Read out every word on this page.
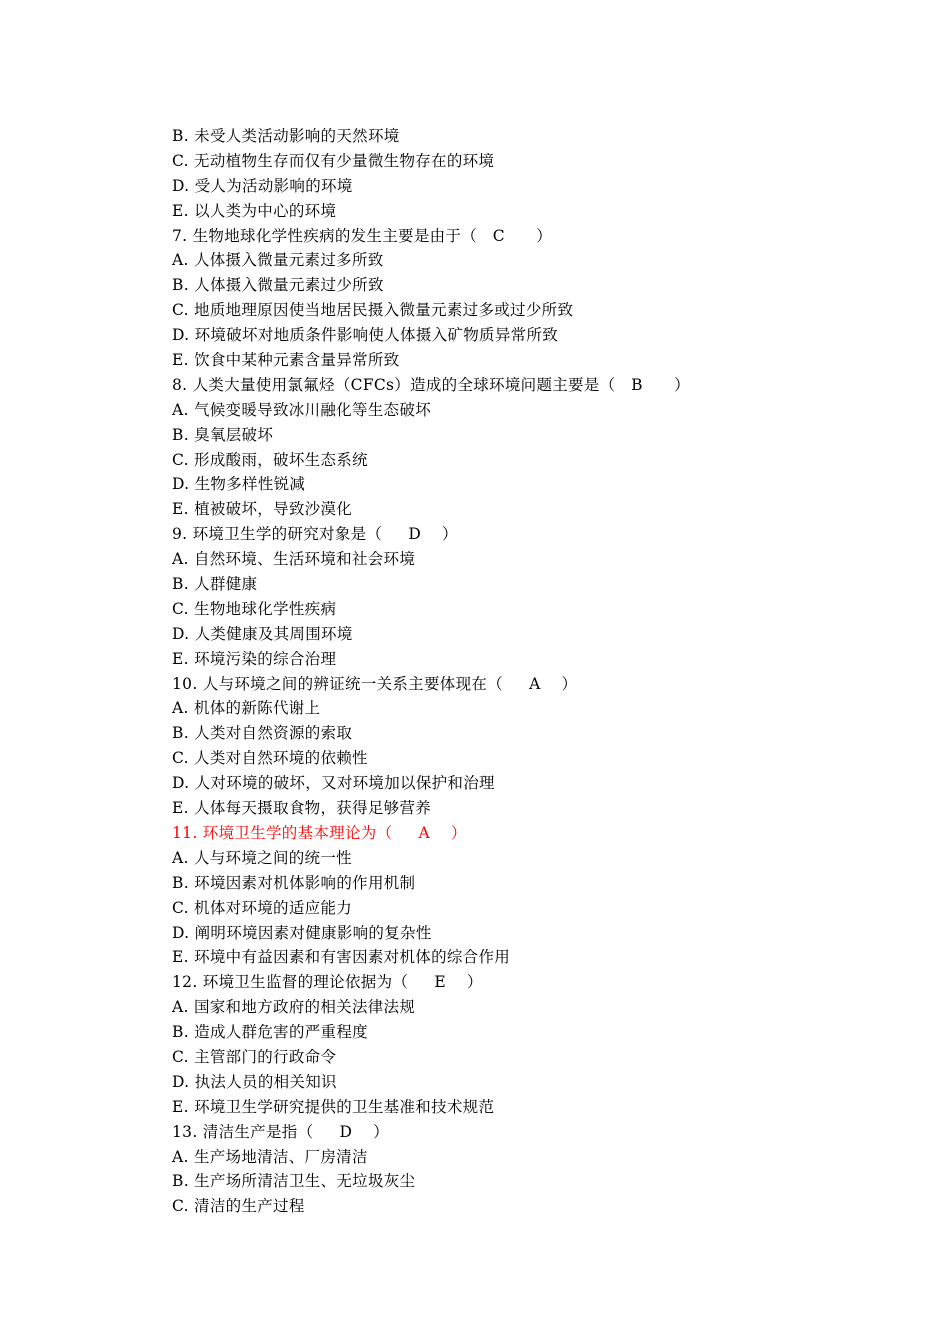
B. 未受人类活动影响的天然环境
C. 无动植物生存而仅有少量微生物存在的环境
D. 受人为活动影响的环境
E. 以人类为中心的环境
7. 生物地球化学性疾病的发生主要是由于（   C      ）
A. 人体摄入微量元素过多所致
B. 人体摄入微量元素过少所致
C. 地质地理原因使当地居民摄入微量元素过多或过少所致
D. 环境破坏对地质条件影响使人体摄入矿物质异常所致
E. 饮食中某种元素含量异常所致
8. 人类大量使用氯氟烃（CFCs）造成的全球环境问题主要是（   B      ）
A. 气候变暖导致冰川融化等生态破坏
B. 臭氧层破坏
C. 形成酸雨，破坏生态系统
D. 生物多样性锐减
E. 植被破坏，导致沙漠化
9. 环境卫生学的研究对象是（     D    ）
A. 自然环境、生活环境和社会环境
B. 人群健康
C. 生物地球化学性疾病
D. 人类健康及其周围环境
E. 环境污染的综合治理
10. 人与环境之间的辨证统一关系主要体现在（     A    ）
A. 机体的新陈代谢上
B. 人类对自然资源的索取
C. 人类对自然环境的依赖性
D. 人对环境的破坏，又对环境加以保护和治理
E. 人体每天摄取食物，获得足够营养
11. 环境卫生学的基本理论为（     A    ）
A. 人与环境之间的统一性
B. 环境因素对机体影响的作用机制
C. 机体对环境的适应能力
D. 阐明环境因素对健康影响的复杂性
E. 环境中有益因素和有害因素对机体的综合作用
12. 环境卫生监督的理论依据为（     E    ）
A. 国家和地方政府的相关法律法规
B. 造成人群危害的严重程度
C. 主管部门的行政命令
D. 执法人员的相关知识
E. 环境卫生学研究提供的卫生基准和技术规范
13. 清洁生产是指（     D    ）
A. 生产场地清洁、厂房清洁
B. 生产场所清洁卫生、无垃圾灰尘
C. 清洁的生产过程
